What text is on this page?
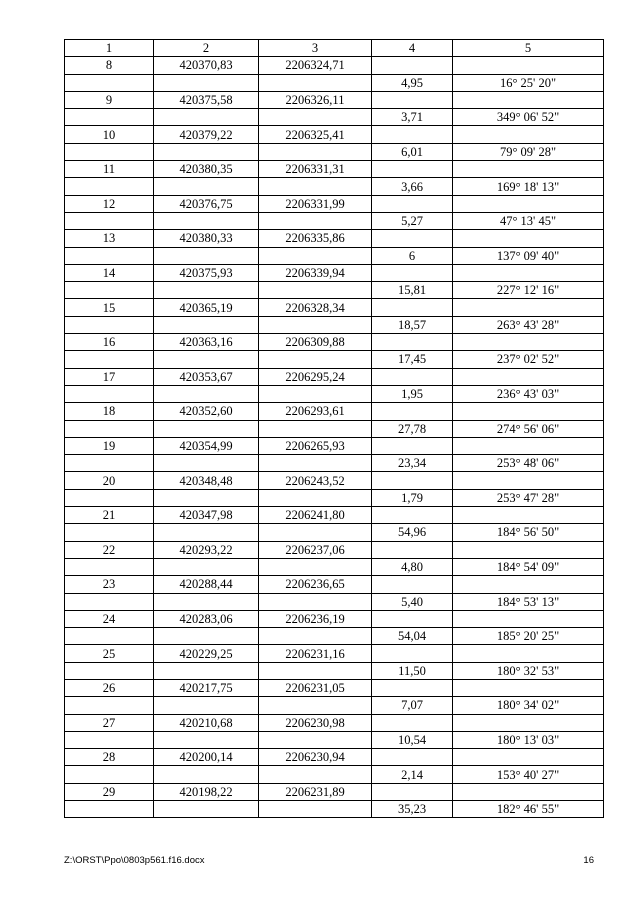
1	2	3	4	5
8	420370,83	2206324,71		
			4,95	16° 25' 20"
9	420375,58	2206326,11		
			3,71	349° 06' 52"
10	420379,22	2206325,41		
			6,01	79° 09' 28"
11	420380,35	2206331,31		
			3,66	169° 18' 13"
12	420376,75	2206331,99		
			5,27	47° 13' 45"
13	420380,33	2206335,86		
			6	137° 09' 40"
14	420375,93	2206339,94		
			15,81	227° 12' 16"
15	420365,19	2206328,34		
			18,57	263° 43' 28"
16	420363,16	2206309,88		
			17,45	237° 02' 52"
17	420353,67	2206295,24		
			1,95	236° 43' 03"
18	420352,60	2206293,61		
			27,78	274° 56' 06"
19	420354,99	2206265,93		
			23,34	253° 48' 06"
20	420348,48	2206243,52		
			1,79	253° 47' 28"
21	420347,98	2206241,80		
			54,96	184° 56' 50"
22	420293,22	2206237,06		
			4,80	184° 54' 09"
23	420288,44	2206236,65		
			5,40	184° 53' 13"
24	420283,06	2206236,19		
			54,04	185° 20' 25"
25	420229,25	2206231,16		
			11,50	180° 32' 53"
26	420217,75	2206231,05		
			7,07	180° 34' 02"
27	420210,68	2206230,98		
			10,54	180° 13' 03"
28	420200,14	2206230,94		
			2,14	153° 40' 27"
29	420198,22	2206231,89		
			35,23	182° 46' 55"
Z:\ORST\Ppo\0803p561.f16.docx	16
